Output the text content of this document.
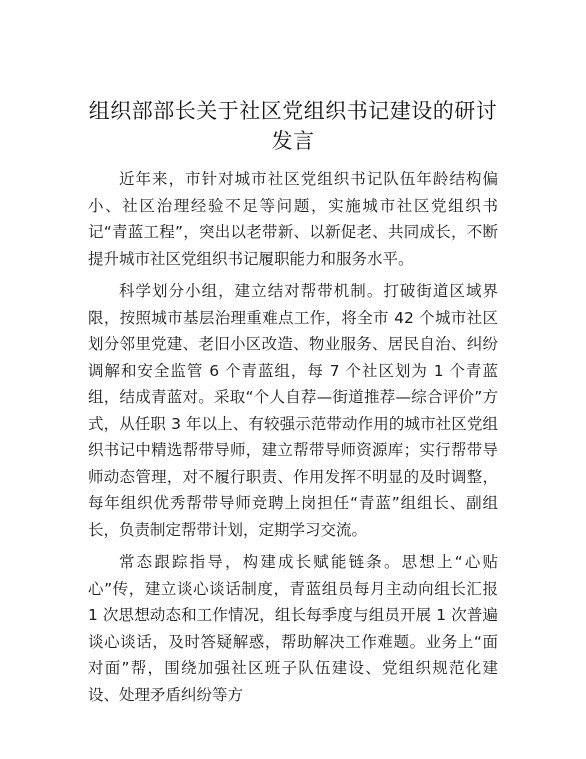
组织部部长关于社区党组织书记建设的研讨发言

近年来，市针对城市社区党组织书记队伍年龄结构偏小、社区治理经验不足等问题，实施城市社区党组织书记“青蓝工程”，突出以老带新、以新促老、共同成长，不断提升城市社区党组织书记履职能力和服务水平。

科学划分小组，建立结对帮带机制。打破街道区域界限，按照城市基层治理重难点工作，将全市 42 个城市社区划分邻里党建、老旧小区改造、物业服务、居民自治、纠纷调解和安全监管 6 个青蓝组，每 7 个社区划为 1 个青蓝组，结成青蓝对。采取“个人自荐—街道推荐—综合评价”方式，从任职 3 年以上、有较强示范带动作用的城市社区党组织书记中精选帮带导师，建立帮带导师资源库；实行帮带导师动态管理，对不履行职责、作用发挥不明显的及时调整，每年组织优秀帮带导师竞聘上岗担任“青蓝”组组长、副组长，负责制定帮带计划，定期学习交流。

常态跟踪指导，构建成长赋能链条。思想上“心贴心”传，建立谈心谈话制度，青蓝组员每月主动向组长汇报 1 次思想动态和工作情况，组长每季度与组员开展 1 次普遍谈心谈话，及时答疑解惑，帮助解决工作难题。业务上“面对面”帮，围绕加强社区班子队伍建设、党组织规范化建设、处理矛盾纠纷等方
